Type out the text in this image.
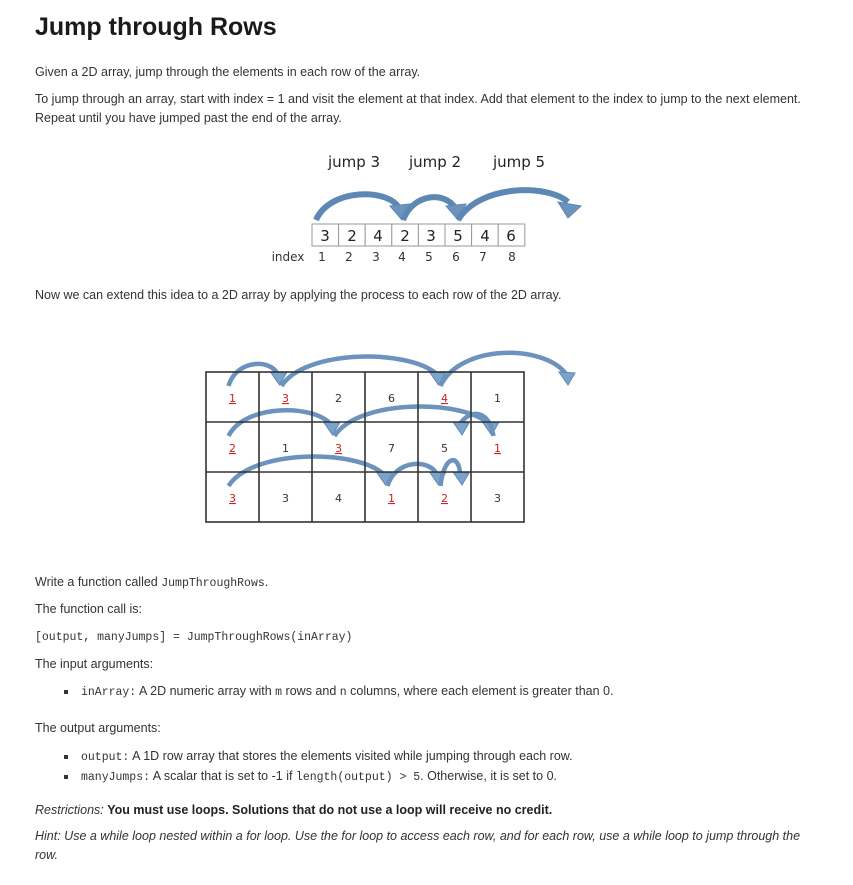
Jump through Rows

Given a 2D array, jump through the elements in each row of the array.

To jump through an array, start with index = 1 and visit the element at that index. Add that element to the index to jump to the next element. Repeat until you have jumped past the end of the array.

jump 3 jump 2 jump 5
3 2 4 2 3 5 4 6
index 1 2 3 4 5 6 7 8

Now we can extend this idea to a 2D array by applying the process to each row of the 2D array.

1	3	2	6	4	1
2	1	3	7	5	1
3	3	4	1	2	3

Write a function called JumpThroughRows.

The function call is:

[output, manyJumps] = JumpThroughRows(inArray)

The input arguments:

inArray: A 2D numeric array with m rows and n columns, where each element is greater than 0.

The output arguments:

output: A 1D row array that stores the elements visited while jumping through each row.
manyJumps: A scalar that is set to -1 if length(output) > 5. Otherwise, it is set to 0.

Restrictions: You must use loops. Solutions that do not use a loop will receive no credit.

Hint: Use a while loop nested within a for loop. Use the for loop to access each row, and for each row, use a while loop to jump through the row.
